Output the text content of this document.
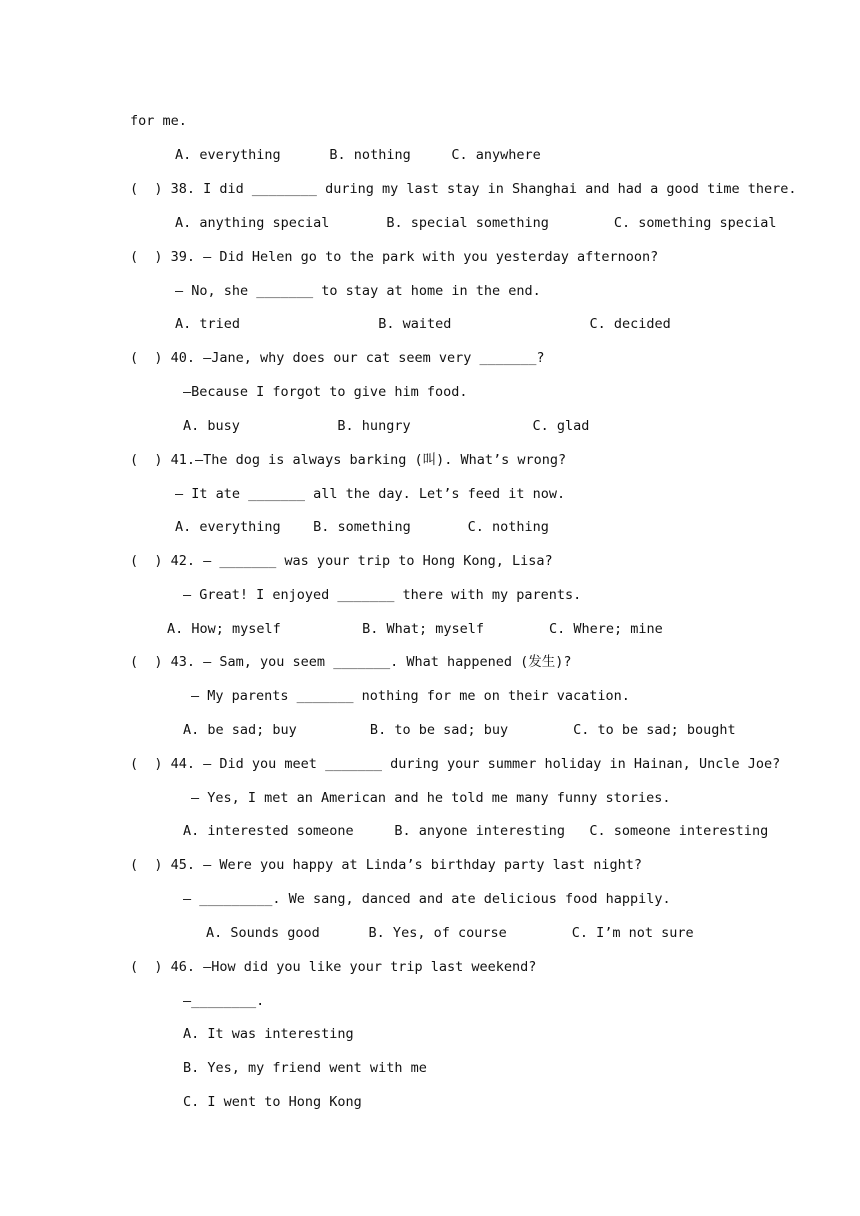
for me.
A. everything      B. nothing     C. anywhere
(  ) 38. I did ________ during my last stay in Shanghai and had a good time there.
A. anything special       B. special something        C. something special
(  ) 39. — Did Helen go to the park with you yesterday afternoon?
— No, she _______ to stay at home in the end.
A. tried                 B. waited                 C. decided
(  ) 40. —Jane, why does our cat seem very _______?
—Because I forgot to give him food.
A. busy            B. hungry               C. glad
(  ) 41.—The dog is always barking (叫). What’s wrong?
— It ate _______ all the day. Let’s feed it now.
A. everything    B. something       C. nothing
(  ) 42. — _______ was your trip to Hong Kong, Lisa?
— Great! I enjoyed _______ there with my parents.
A. How; myself          B. What; myself        C. Where; mine
(  ) 43. — Sam, you seem _______. What happened (发生)?
— My parents _______ nothing for me on their vacation.
A. be sad; buy         B. to be sad; buy        C. to be sad; bought
(  ) 44. — Did you meet _______ during your summer holiday in Hainan, Uncle Joe?
— Yes, I met an American and he told me many funny stories.
A. interested someone     B. anyone interesting   C. someone interesting
(  ) 45. — Were you happy at Linda’s birthday party last night?
— _________. We sang, danced and ate delicious food happily.
A. Sounds good      B. Yes, of course        C. I’m not sure
(  ) 46. —How did you like your trip last weekend?
—________.
A. It was interesting
B. Yes, my friend went with me
C. I went to Hong Kong
